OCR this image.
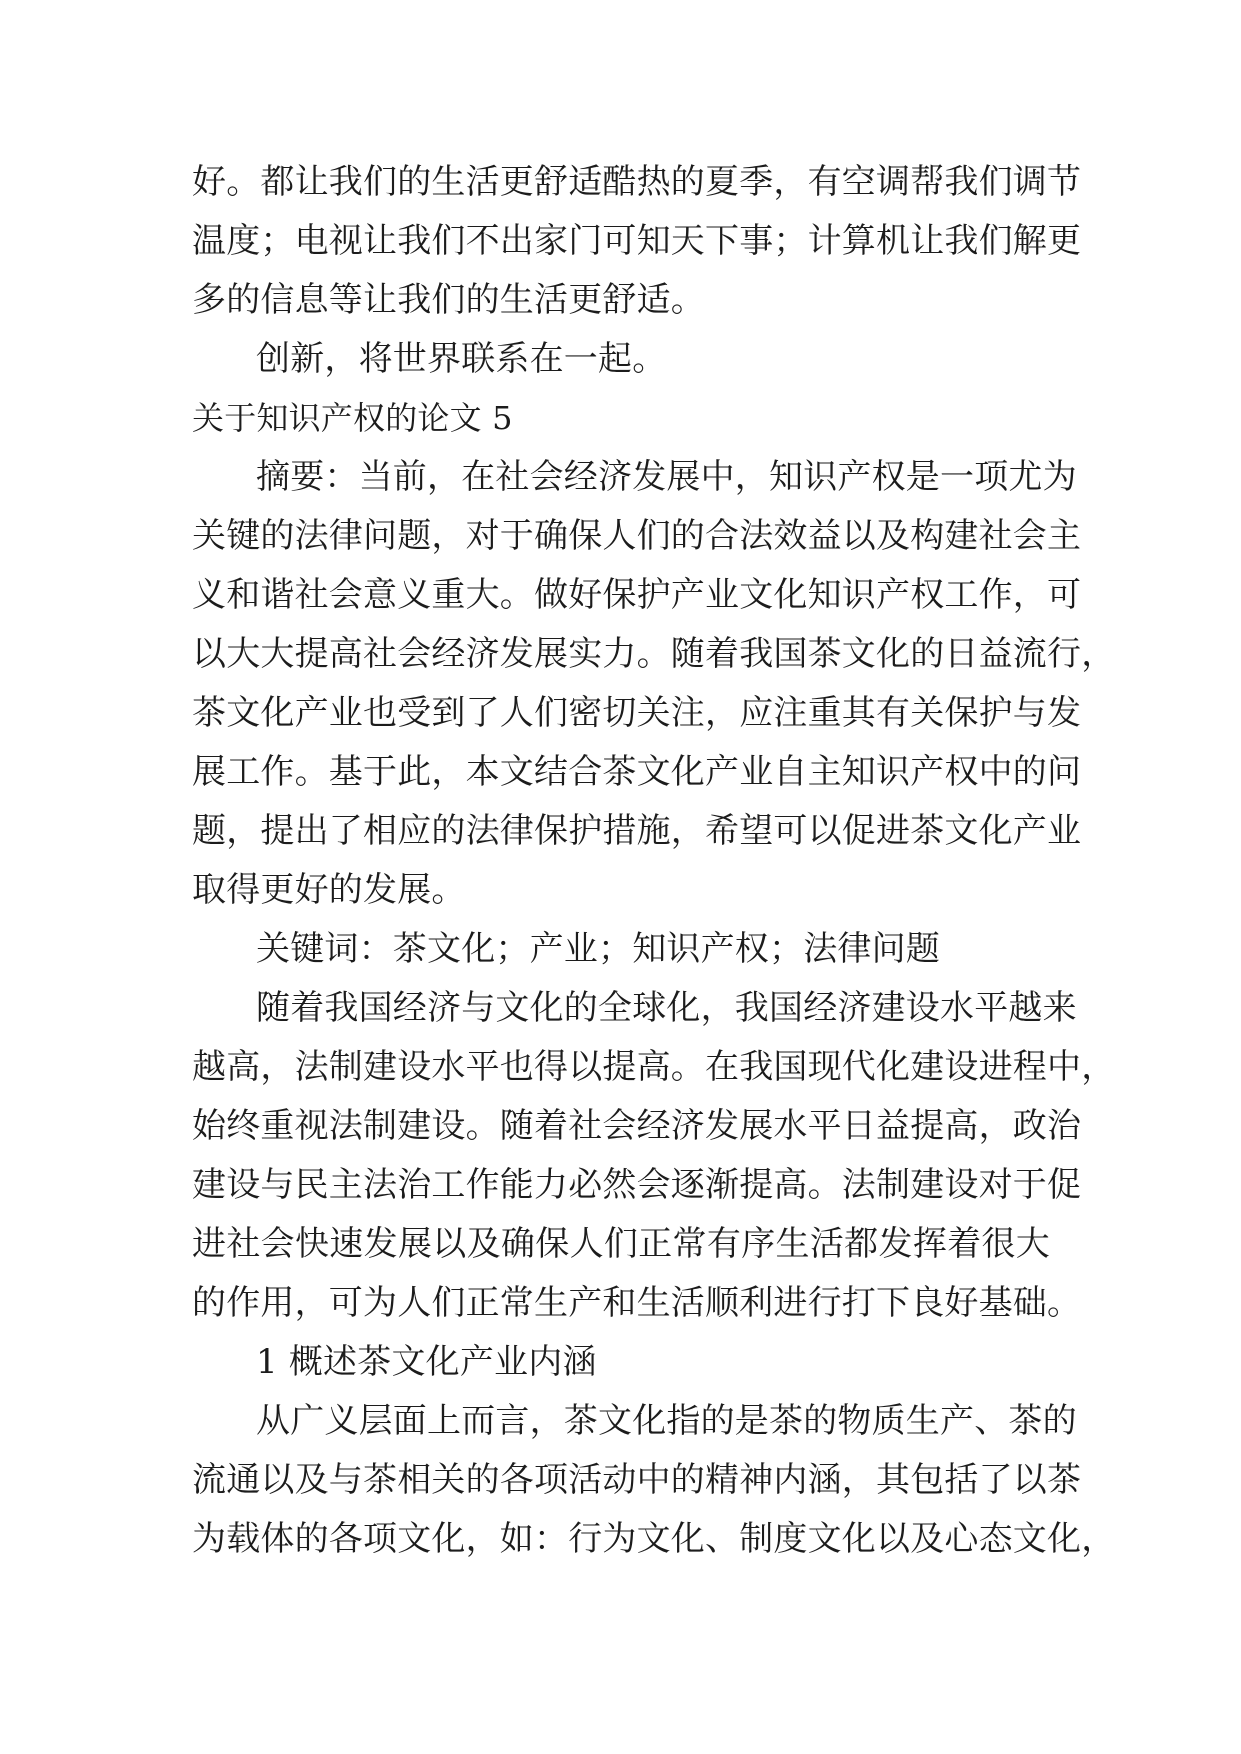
好。都让我们的生活更舒适酷热的夏季，有空调帮我们调节
温度；电视让我们不出家门可知天下事；计算机让我们解更
多的信息等让我们的生活更舒适。
创新，将世界联系在一起。
关于知识产权的论文 5
摘要：当前，在社会经济发展中，知识产权是一项尤为
关键的法律问题，对于确保人们的合法效益以及构建社会主
义和谐社会意义重大。做好保护产业文化知识产权工作，可
以大大提高社会经济发展实力。随着我国茶文化的日益流行，
茶文化产业也受到了人们密切关注，应注重其有关保护与发
展工作。基于此，本文结合茶文化产业自主知识产权中的问
题，提出了相应的法律保护措施，希望可以促进茶文化产业
取得更好的发展。
关键词：茶文化；产业；知识产权；法律问题
随着我国经济与文化的全球化，我国经济建设水平越来
越高，法制建设水平也得以提高。在我国现代化建设进程中，
始终重视法制建设。随着社会经济发展水平日益提高，政治
建设与民主法治工作能力必然会逐渐提高。法制建设对于促
进社会快速发展以及确保人们正常有序生活都发挥着很大
的作用，可为人们正常生产和生活顺利进行打下良好基础。
1 概述茶文化产业内涵
从广义层面上而言，茶文化指的是茶的物质生产、茶的
流通以及与茶相关的各项活动中的精神内涵，其包括了以茶
为载体的各项文化，如：行为文化、制度文化以及心态文化，
